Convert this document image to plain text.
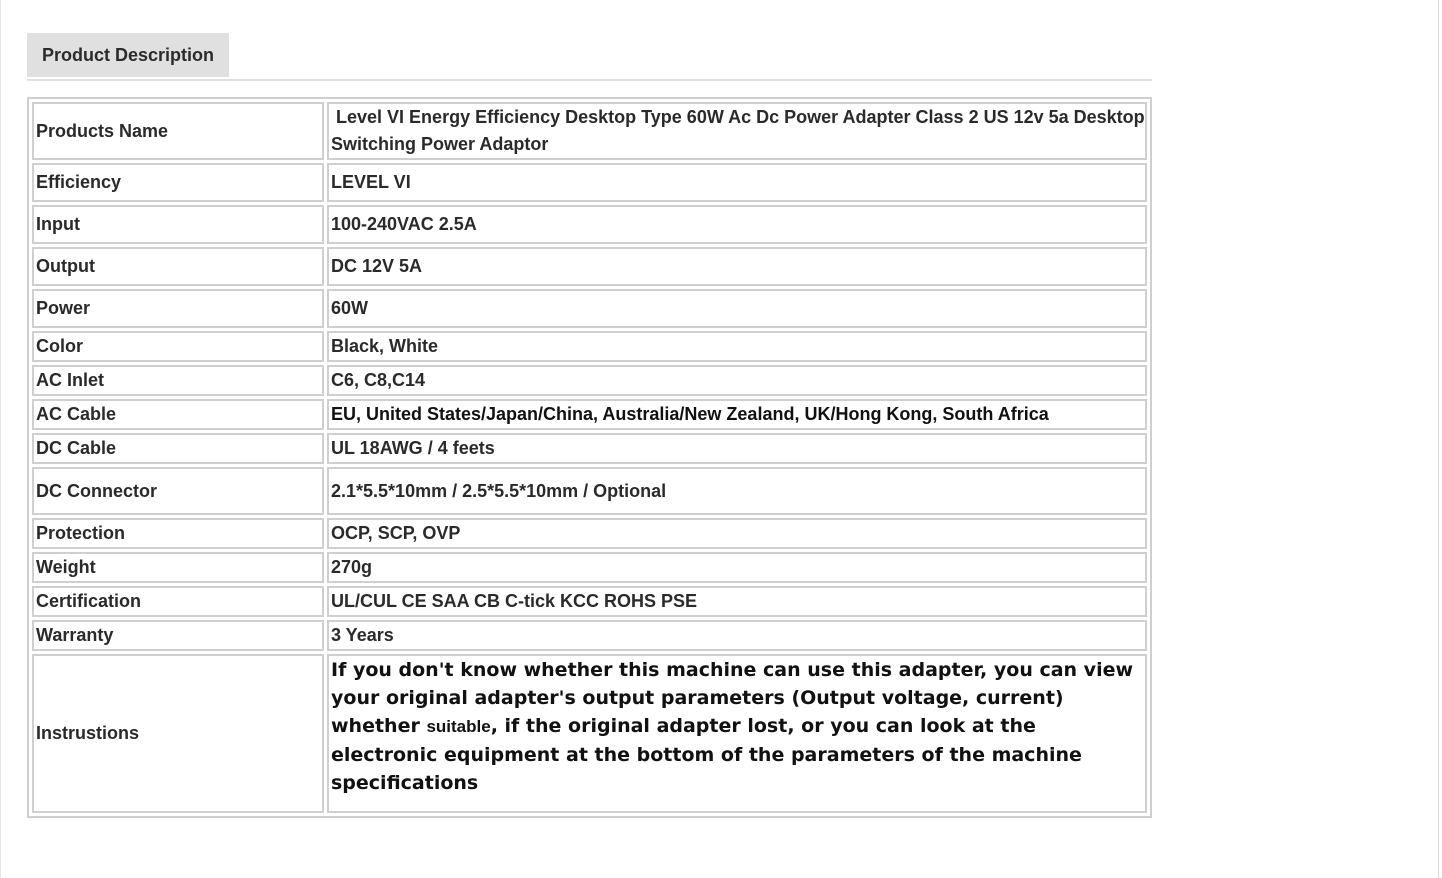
Product Description
Products Name	Level VI Energy Efficiency Desktop Type 60W Ac Dc Power Adapter Class 2 US 12v 5a Desktop Switching Power Adaptor
Efficiency	LEVEL VI
Input	100-240VAC 2.5A
Output	DC 12V 5A
Power	60W
Color	Black, White
AC Inlet	C6, C8,C14
AC Cable	EU, United States/Japan/China, Australia/New Zealand, UK/Hong Kong, South Africa
DC Cable	UL 18AWG / 4 feets
DC Connector	2.1*5.5*10mm / 2.5*5.5*10mm / Optional
Protection	OCP, SCP, OVP
Weight	270g
Certification	UL/CUL CE SAA CB C-tick KCC ROHS PSE
Warranty	3 Years
Instrustions	If you don't know whether this machine can use this adapter, you can view your original adapter's output parameters (Output voltage, current) whether suitable, if the original adapter lost, or you can look at the electronic equipment at the bottom of the parameters of the machine specifications
